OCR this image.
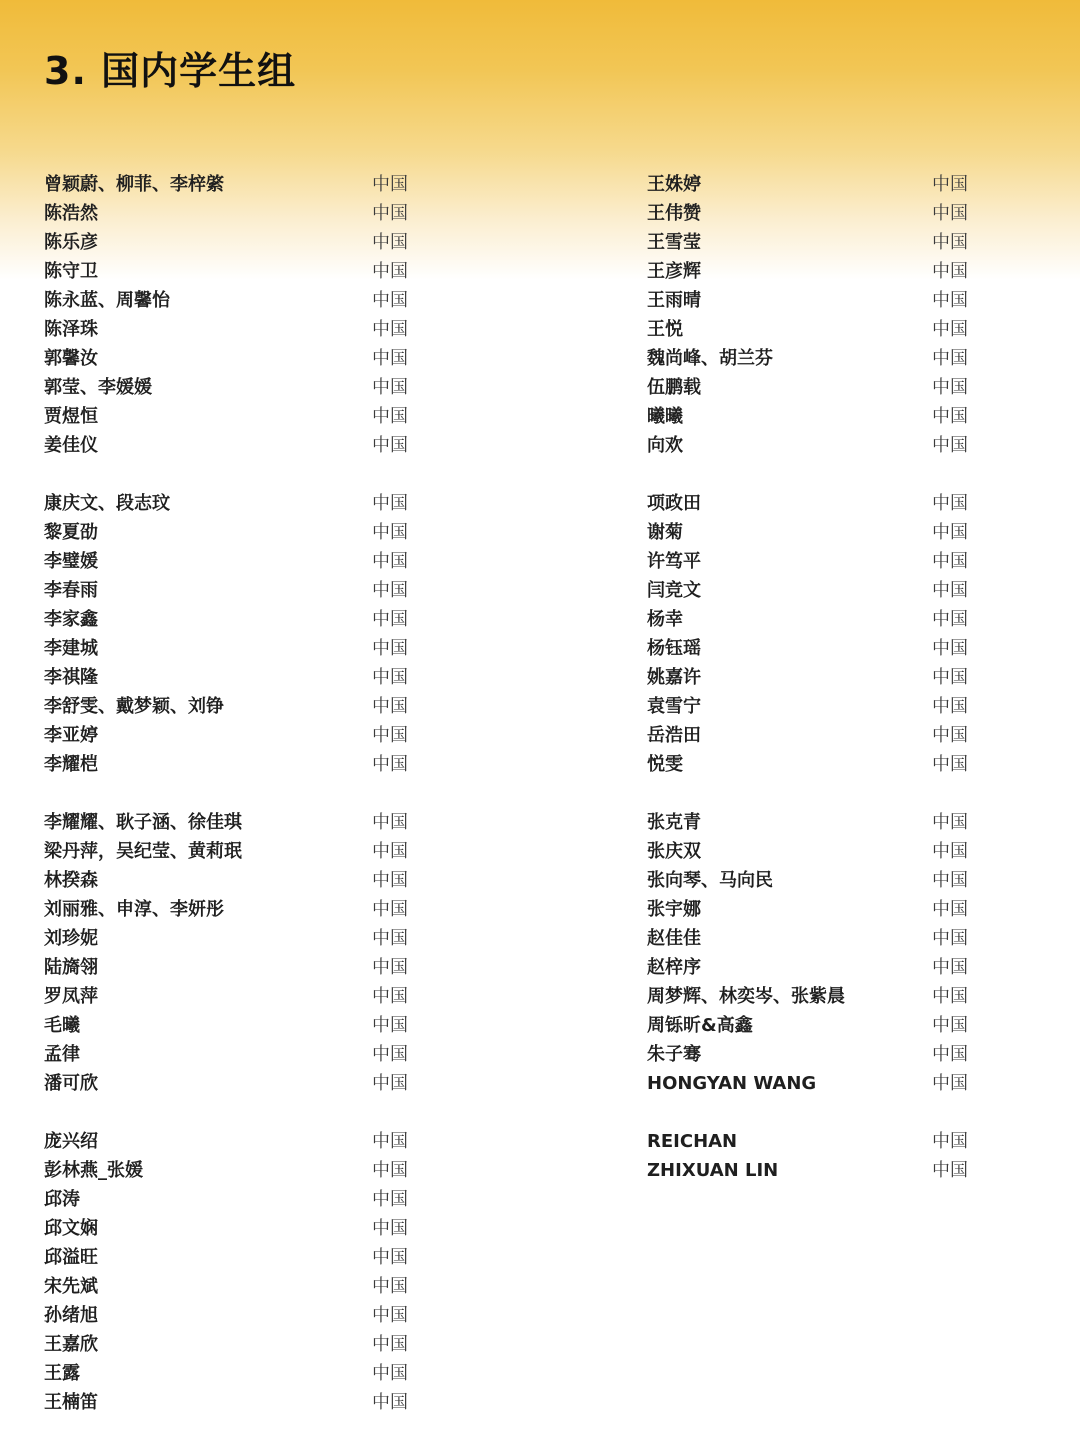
3. 国内学生组
曾颖蔚、柳菲、李梓綮	中国
陈浩然	中国
陈乐彦	中国
陈守卫	中国
陈永蓝、周馨怡	中国
陈泽珠	中国
郭馨汝	中国
郭莹、李媛媛	中国
贾煜恒	中国
姜佳仪	中国
康庆文、段志玟	中国
黎夏劭	中国
李璧媛	中国
李春雨	中国
李家鑫	中国
李建城	中国
李祺隆	中国
李舒雯、戴梦颖、刘铮	中国
李亚婷	中国
李耀桤	中国
李耀耀、耿子涵、徐佳琪	中国
梁丹萍，吴纪莹、黄莉珉	中国
林揆森	中国
刘丽雅、申淳、李妍彤	中国
刘珍妮	中国
陆旖翎	中国
罗凤萍	中国
毛曦	中国
孟律	中国
潘可欣	中国
庞兴绍	中国
彭林燕_张媛	中国
邱涛	中国
邱文娴	中国
邱溢旺	中国
宋先斌	中国
孙绪旭	中国
王嘉欣	中国
王露	中国
王楠笛	中国
王姝婷	中国
王伟赞	中国
王雪莹	中国
王彦辉	中国
王雨晴	中国
王悦	中国
魏尚峰、胡兰芬	中国
伍鹏载	中国
曦曦	中国
向欢	中国
项政田	中国
谢菊	中国
许笃平	中国
闫竞文	中国
杨幸	中国
杨钰瑶	中国
姚嘉许	中国
袁雪宁	中国
岳浩田	中国
悦雯	中国
张克青	中国
张庆双	中国
张向琴、马向民	中国
张宇娜	中国
赵佳佳	中国
赵梓序	中国
周梦辉、林奕岑、张紫晨	中国
周铄昕&高鑫	中国
朱子骞	中国
HONGYAN WANG	中国
REICHAN	中国
ZHIXUAN LIN	中国
